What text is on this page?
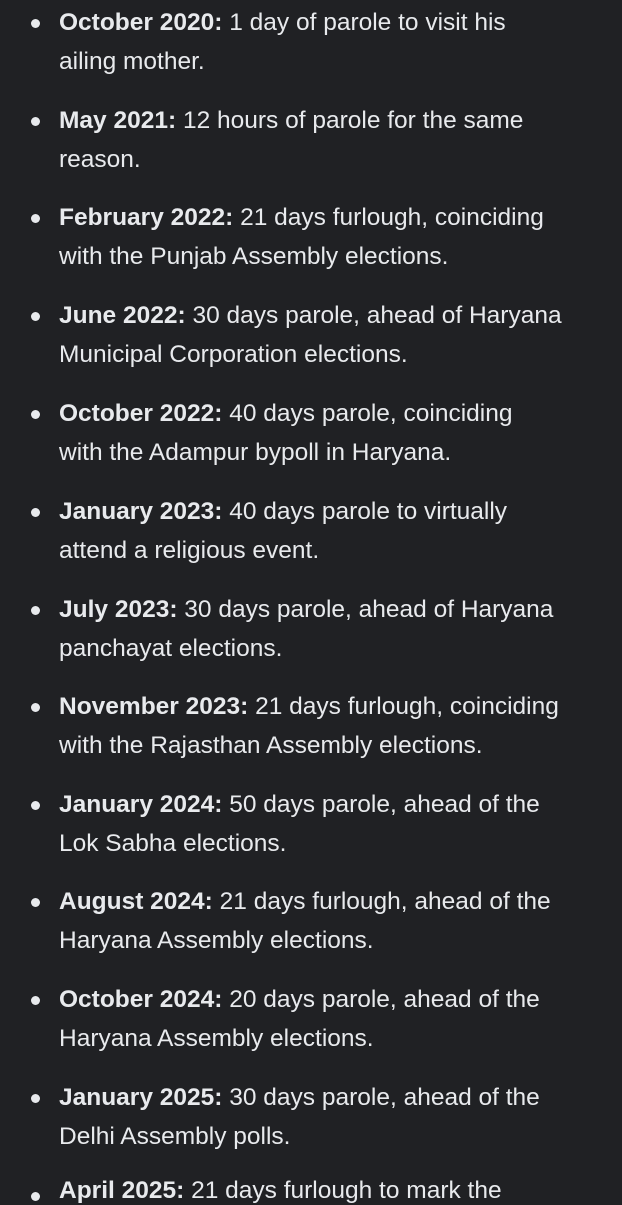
October 2020: 1 day of parole to visit his
ailing mother.
May 2021: 12 hours of parole for the same
reason.
February 2022: 21 days furlough, coinciding
with the Punjab Assembly elections.
June 2022: 30 days parole, ahead of Haryana
Municipal Corporation elections.
October 2022: 40 days parole, coinciding
with the Adampur bypoll in Haryana.
January 2023: 40 days parole to virtually
attend a religious event.
July 2023: 30 days parole, ahead of Haryana
panchayat elections.
November 2023: 21 days furlough, coinciding
with the Rajasthan Assembly elections.
January 2024: 50 days parole, ahead of the
Lok Sabha elections.
August 2024: 21 days furlough, ahead of the
Haryana Assembly elections.
October 2024: 20 days parole, ahead of the
Haryana Assembly elections.
January 2025: 30 days parole, ahead of the
Delhi Assembly polls.
April 2025: 21 days furlough to mark the
